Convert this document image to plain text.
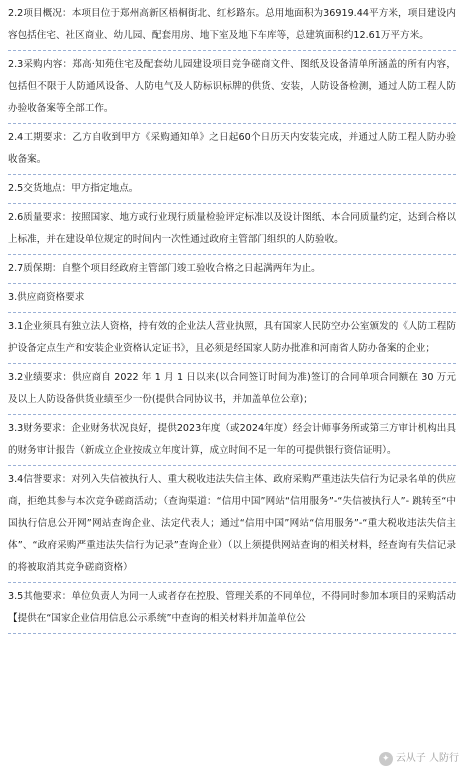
2.2项目概况：本项目位于郑州高新区梧桐街北、红杉路东。总用地面积为36919.44平方米，项目建设内容包括住宅、社区商业、幼儿园、配套用房、地下室及地下车库等，总建筑面积约12.61万平方米。

2.3采购内容：郑高·知苑住宅及配套幼儿园建设项目竞争磋商文件、图纸及设备清单所涵盖的所有内容，包括但不限于人防通风设备、人防电气及人防标识标牌的供货、安装，人防设备检测，通过人防工程人防办验收备案等全部工作。

2.4工期要求：乙方自收到甲方《采购通知单》之日起60个日历天内安装完成，并通过人防工程人防办验收备案。

2.5交货地点：甲方指定地点。

2.6质量要求：按照国家、地方或行业现行质量检验评定标准以及设计图纸、本合同质量约定，达到合格以上标准，并在建设单位规定的时间内一次性通过政府主管部门组织的人防验收。

2.7质保期：自整个项目经政府主管部门竣工验收合格之日起满两年为止。

3.供应商资格要求

3.1企业须具有独立法人资格，持有效的企业法人营业执照，具有国家人民防空办公室颁发的《人防工程防护设备定点生产和安装企业资格认定证书》，且必须是经国家人防办批准和河南省人防办备案的企业；

3.2业绩要求：供应商自 2022 年 1 月 1 日以来(以合同签订时间为准)签订的合同单项合同额在 30 万元及以上人防设备供货业绩至少一份(提供合同协议书，并加盖单位公章)；

3.3财务要求：企业财务状况良好，提供2023年度（或2024年度）经会计师事务所或第三方审计机构出具的财务审计报告（新成立企业按成立年度计算，成立时间不足一年的可提供银行资信证明）。

3.4信誉要求：对列入失信被执行人、重大税收违法失信主体、政府采购严重违法失信行为记录名单的供应商，拒绝其参与本次竞争磋商活动；（查询渠道：“信用中国”网站“信用服务”-“失信被执行人”- 跳转至“中国执行信息公开网”网站查询企业、法定代表人；通过“信用中国”网站“信用服务”-“重大税收违法失信主体”、“政府采购严重违法失信行为记录”查询企业）（以上须提供网站查询的相关材料，经查询有失信记录的将被取消其竞争磋商资格）

3.5其他要求：单位负责人为同一人或者存在控股、管理关系的不同单位，不得同时参加本项目的采购活动【提供在“国家企业信用信息公示系统”中查询的相关材料并加盖单位公

✦ 云从子 人防行
